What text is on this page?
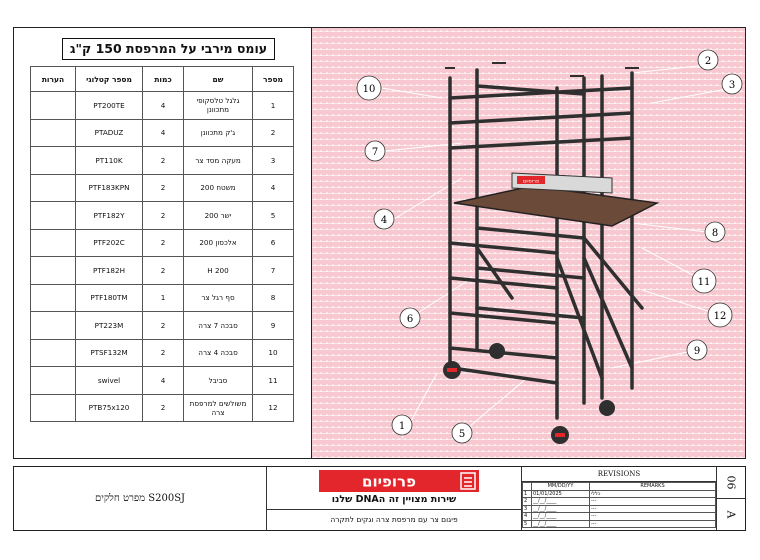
עומס מירבי על המרפסת 150 ק"ג
מספר	שם	כמות	מספר קטלוגי	הערות
1	גלגל טלסקופי מתכוונן	4	PT200TE	
2	ג'ק מתכוונן	4	PTADUZ	
3	מעקה מסד צר	2	PT110K	
4	משטח 200	2	PTF183KPN	
5	ישר 200	2	PTF182Y	
6	אלכסון 200	2	PTF202C	
7	H 200	2	PTF182H	
8	סף רגל צר	1	PTF180TM	
9	סבכה 7 צרה	2	PT223M	
10	סבכה 4 צרה	2	PTSF132M	
11	סביבל	4	swivel	
12	משולשים למרפסת צרה	2	PTB75x120	
פרופיום
1
2
3
4
5
6
7
8
9
10
11
12
S200SJ מפרט חלקים
פרופיום
שירות מצויין זה הDNA שלנו
פיגום צר עם מרפסת צרה וגקים לתקרה
REVISIONS
	MM/DD/YY	REMARKS
1	01/01/2025	כללי
2	__/__/____	---
3	__/__/____	---
4	__/__/____	---
5	__/__/____	---
06
A
